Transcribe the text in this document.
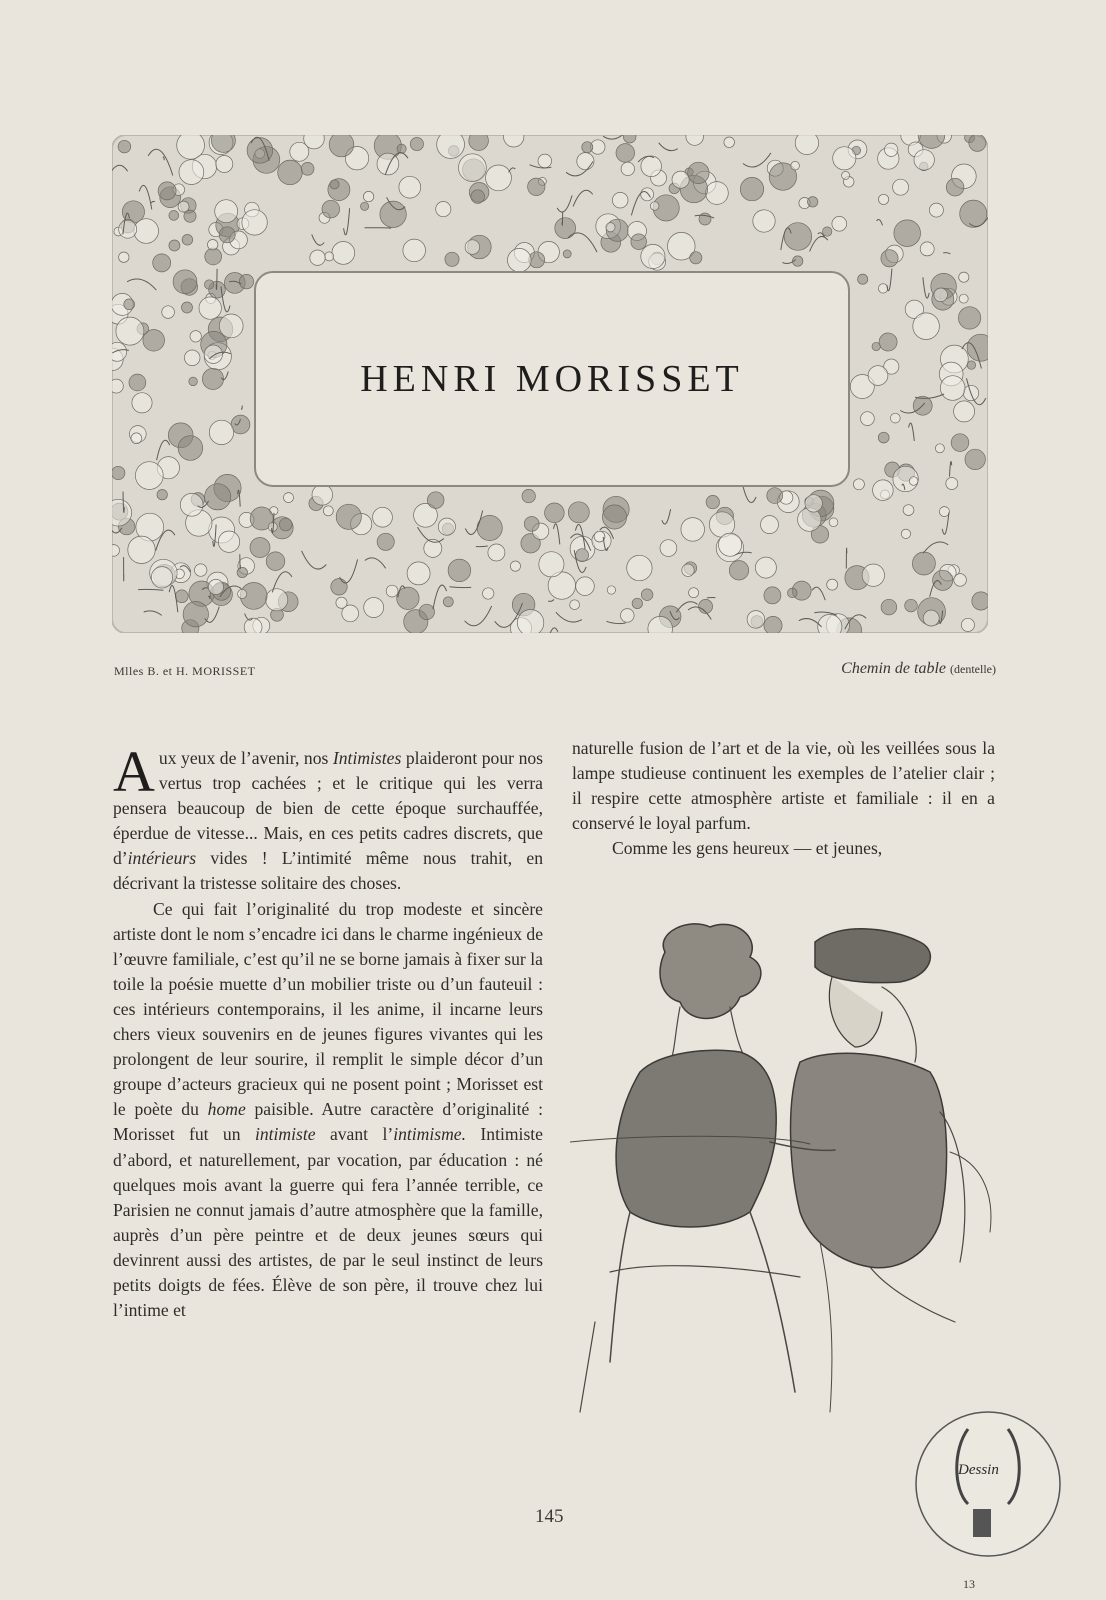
HENRI MORISSET
Mlles B. et H. MORISSET	Chemin de table (dentelle)
A ux yeux de l’avenir, nos Intimistes plaideront pour nos vertus trop cachées ; et le critique qui les verra pensera beaucoup de bien de cette époque surchauffée, éperdue de vitesse... Mais, en ces petits cadres discrets, que d’intérieurs vides ! L’intimité même nous trahit, en décrivant la tristesse solitaire des choses.

Ce qui fait l’originalité du trop modeste et sincère artiste dont le nom s’encadre ici dans le charme ingénieux de l’œuvre familiale, c’est qu’il ne se borne jamais à fixer sur la toile la poésie muette d’un mobilier triste ou d’un fauteuil : ces intérieurs contemporains, il les anime, il incarne leurs chers vieux souvenirs en de jeunes figures vivantes qui les prolongent de leur sourire, il remplit le simple décor d’un groupe d’acteurs gracieux qui ne posent point ; Morisset est le poète du home paisible. Autre caractère d’originalité : Morisset fut un intimiste avant l’intimisme. Intimiste d’abord, et naturellement, par vocation, par éducation : né quelques mois avant la guerre qui fera l’année terrible, ce Parisien ne connut jamais d’autre atmosphère que la famille, auprès d’un père peintre et de deux jeunes sœurs qui devinrent aussi des artistes, de par le seul instinct de leurs petits doigts de fées. Élève de son père, il trouve chez lui l’intime et

naturelle fusion de l’art et de la vie, où les veillées sous la lampe studieuse continuent les exemples de l’atelier clair ; il respire cette atmosphère artiste et familiale : il en a conservé le loyal parfum.

Comme les gens heureux — et jeunes,

Dessin
145
13
